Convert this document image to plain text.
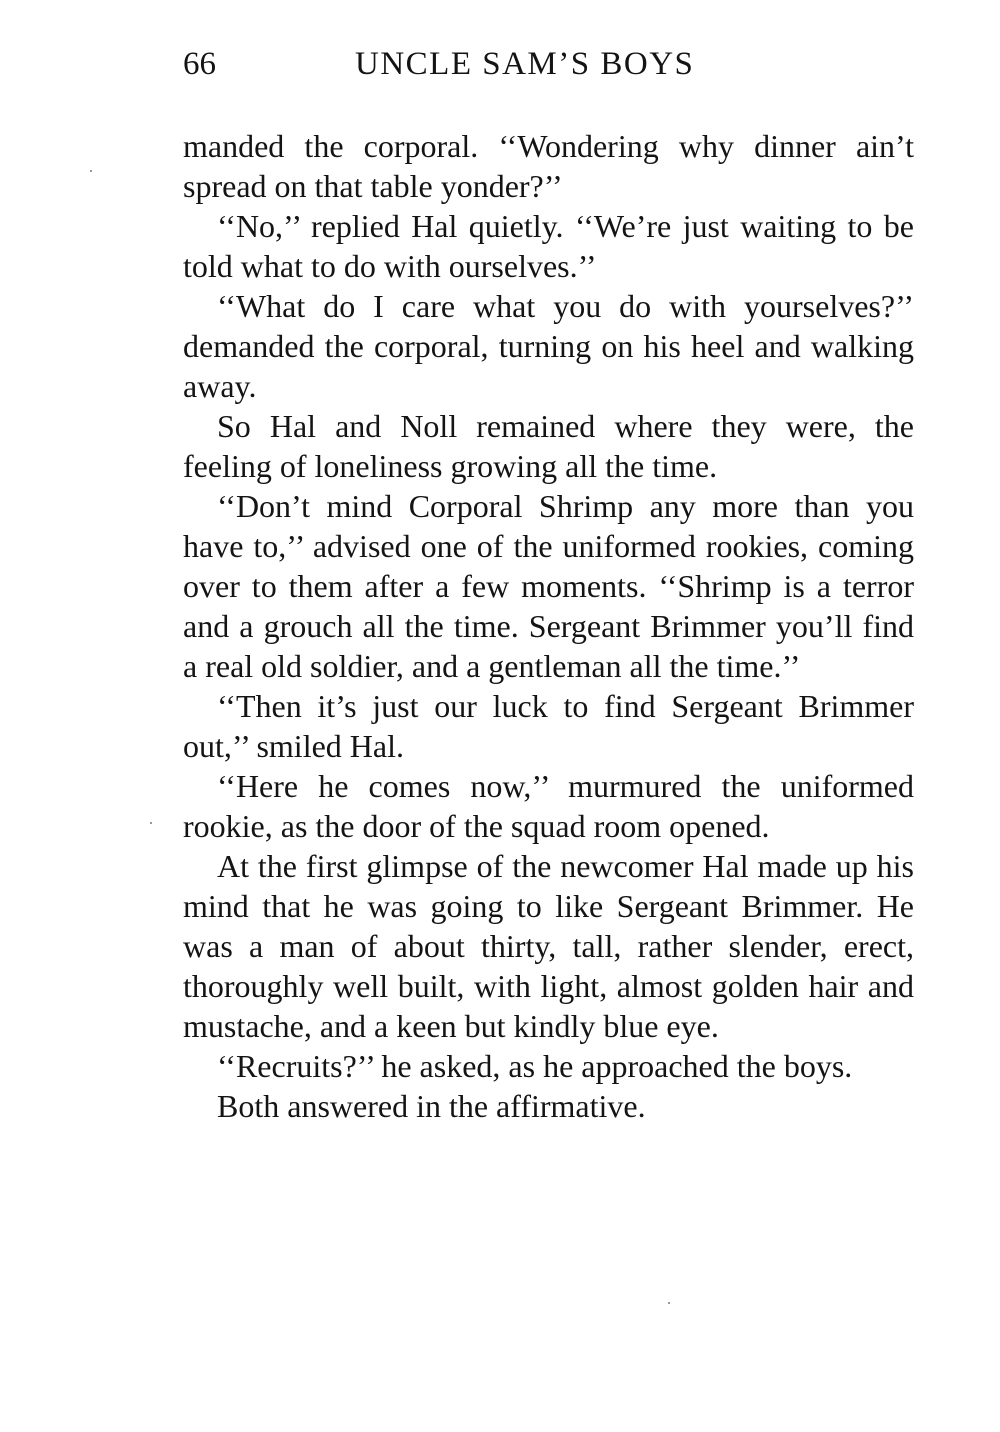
66	UNCLE SAM’S BOYS

manded the corporal. ‘‘Wondering why dinner ain’t spread on that table yonder?’’

‘‘No,’’ replied Hal quietly. ‘‘We’re just waiting to be told what to do with ourselves.’’

‘‘What do I care what you do with yourselves?’’ demanded the corporal, turning on his heel and walking away.

So Hal and Noll remained where they were, the feeling of loneliness growing all the time.

‘‘Don’t mind Corporal Shrimp any more than you have to,’’ advised one of the uniformed rookies, coming over to them after a few moments. ‘‘Shrimp is a terror and a grouch all the time. Sergeant Brimmer you’ll find a real old soldier, and a gentleman all the time.’’

‘‘Then it’s just our luck to find Sergeant Brimmer out,’’ smiled Hal.

‘‘Here he comes now,’’ murmured the uniformed rookie, as the door of the squad room opened.

At the first glimpse of the newcomer Hal made up his mind that he was going to like Sergeant Brimmer. He was a man of about thirty, tall, rather slender, erect, thoroughly well built, with light, almost golden hair and mustache, and a keen but kindly blue eye.

‘‘Recruits?’’ he asked, as he approached the boys.

Both answered in the affirmative.
